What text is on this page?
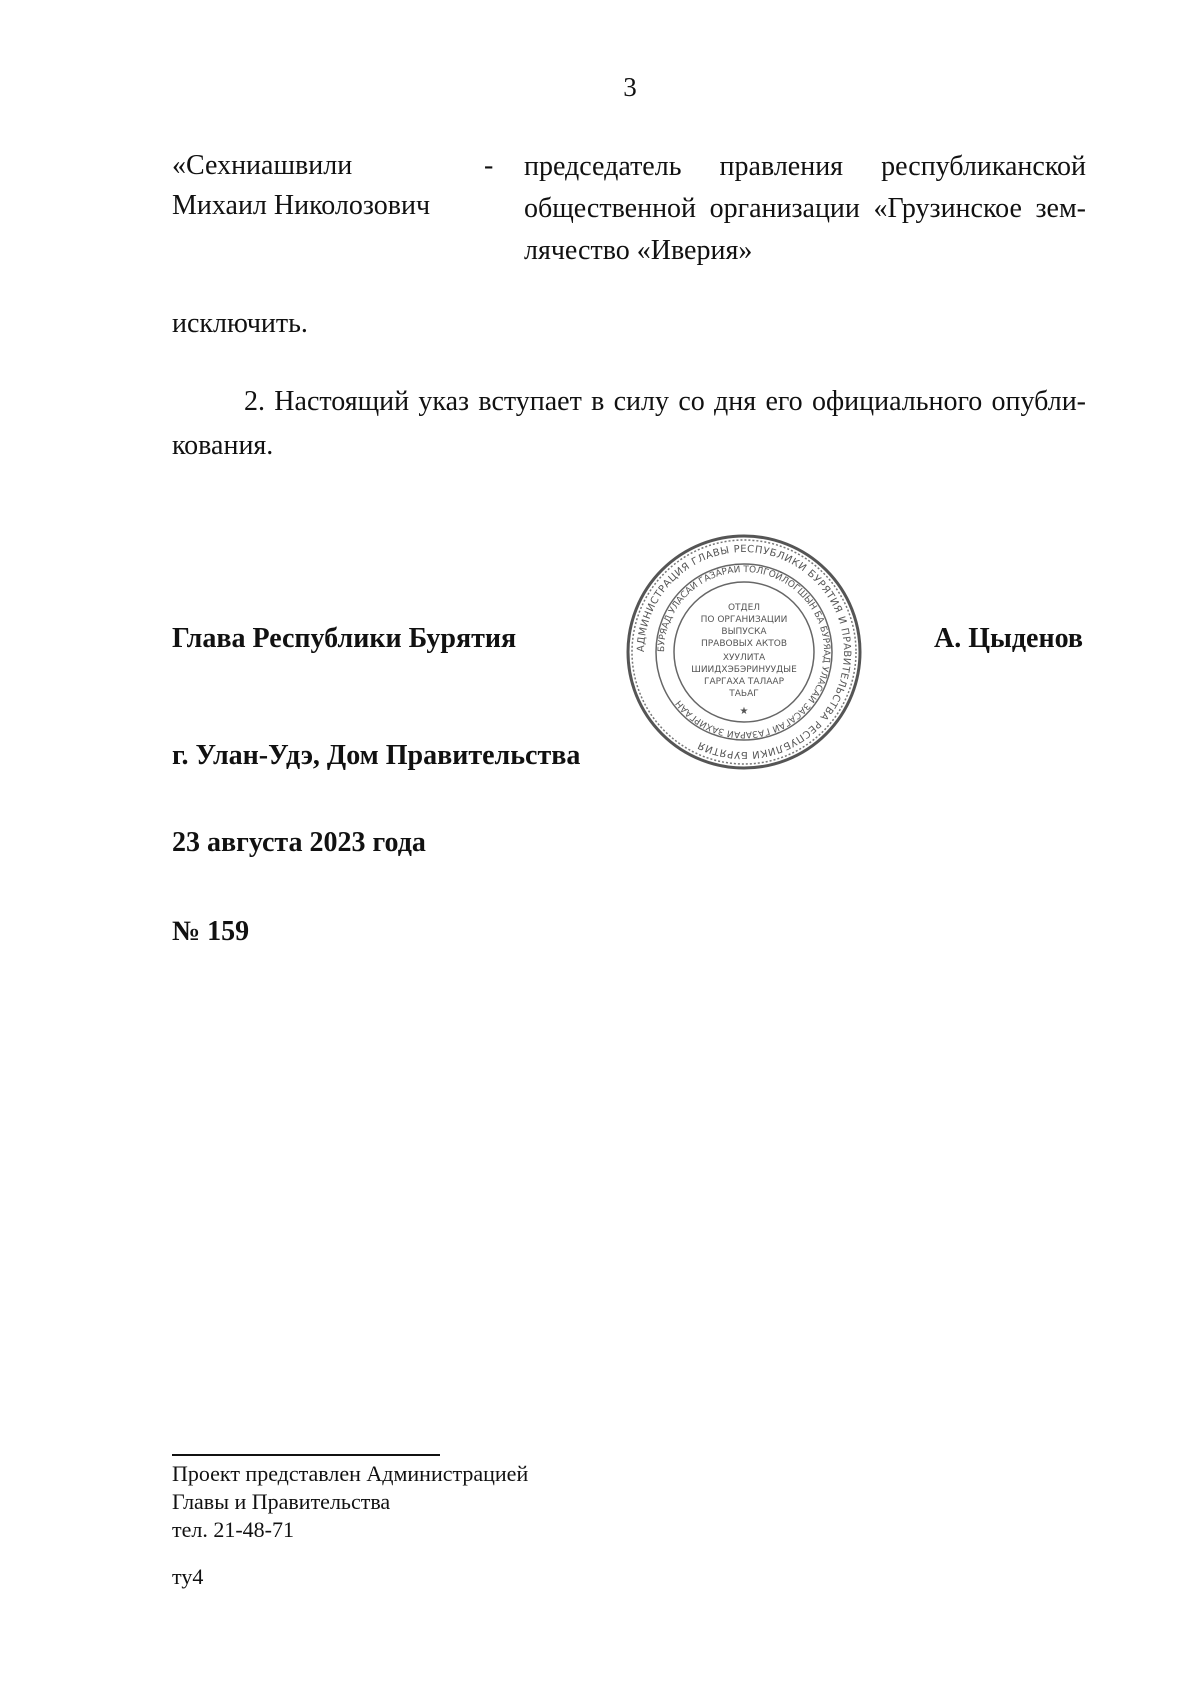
3
«Сехниашвили
Михаил Николозович
- председатель правления республиканской общественной организации «Грузинское зем-лячество «Иверия»
исключить.
2. Настоящий указ вступает в силу со дня его официального опубли-кования.
Глава Республики Бурятия	А. Цыденов
АДМИНИСТРАЦИЯ ГЛАВЫ РЕСПУБЛИКИ БУРЯТИЯ И ПРАВИТЕЛЬСТВА РЕСПУБЛИКИ БУРЯТИЯ
БУРЯАД УЛАСАЙ ГАЗАРАЙ ТОЛГОЙЛОГШЫН БА БУРЯАД УЛАСАЙ ЗАСАГАЙ ГАЗАРАЙ ЗАХИРГААН
ОТДЕЛ
ПО ОРГАНИЗАЦИИ
ВЫПУСКА
ПРАВОВЫХ АКТОВ
ХУУЛИТА
ШИИДХЭБЭРИНУУДЫЕ
ГАРГАХА ТАЛААР
ТАЬАГ
★
г. Улан-Удэ, Дом Правительства
23 августа 2023 года
№ 159
Проект представлен Администрацией
Главы и Правительства
тел. 21-48-71
ту4
